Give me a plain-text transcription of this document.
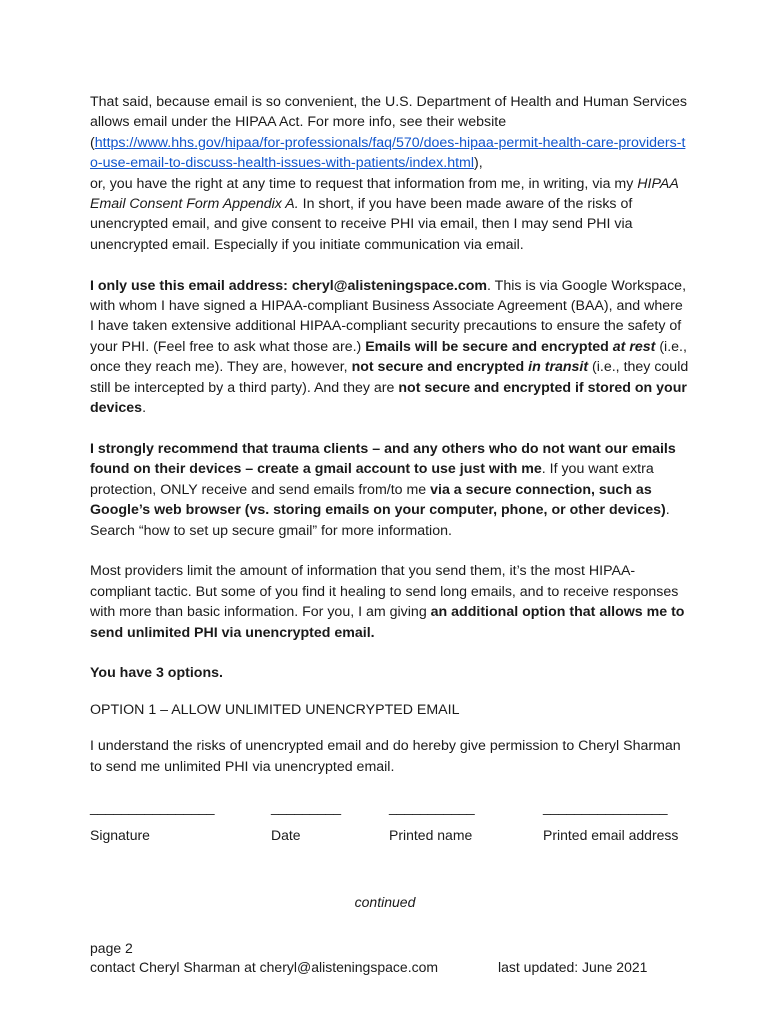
That said, because email is so convenient, the U.S. Department of Health and Human Services allows email under the HIPAA Act. For more info, see their website (https://www.hhs.gov/hipaa/for-professionals/faq/570/does-hipaa-permit-health-care-providers-t
o-use-email-to-discuss-health-issues-with-patients/index.html),
or, you have the right at any time to request that information from me, in writing, via my HIPAA Email Consent Form Appendix A. In short, if you have been made aware of the risks of unencrypted email, and give consent to receive PHI via email, then I may send PHI via unencrypted email. Especially if you initiate communication via email.

I only use this email address: cheryl@alisteningspace.com. This is via Google Workspace, with whom I have signed a HIPAA-compliant Business Associate Agreement (BAA), and where I have taken extensive additional HIPAA-compliant security precautions to ensure the safety of your PHI. (Feel free to ask what those are.) Emails will be secure and encrypted at rest (i.e., once they reach me). They are, however, not secure and encrypted in transit (i.e., they could still be intercepted by a third party). And they are not secure and encrypted if stored on your devices.

I strongly recommend that trauma clients – and any others who do not want our emails found on their devices – create a gmail account to use just with me. If you want extra protection, ONLY receive and send emails from/to me via a secure connection, such as Google’s web browser (vs. storing emails on your computer, phone, or other devices). Search “how to set up secure gmail” for more information.

Most providers limit the amount of information that you send them, it’s the most HIPAA-compliant tactic. But some of you find it healing to send long emails, and to receive responses with more than basic information. For you, I am giving an additional option that allows me to send unlimited PHI via unencrypted email.

You have 3 options.

OPTION 1 – ALLOW UNLIMITED UNENCRYPTED EMAIL

I understand the risks of unencrypted email and do hereby give permission to Cheryl Sharman to send me unlimited PHI via unencrypted email.

________________	_________	___________	________________
Signature	Date	Printed name	Printed email address
continued
page 2
contact Cheryl Sharman at cheryl@alisteningspace.com	last updated: June 2021
